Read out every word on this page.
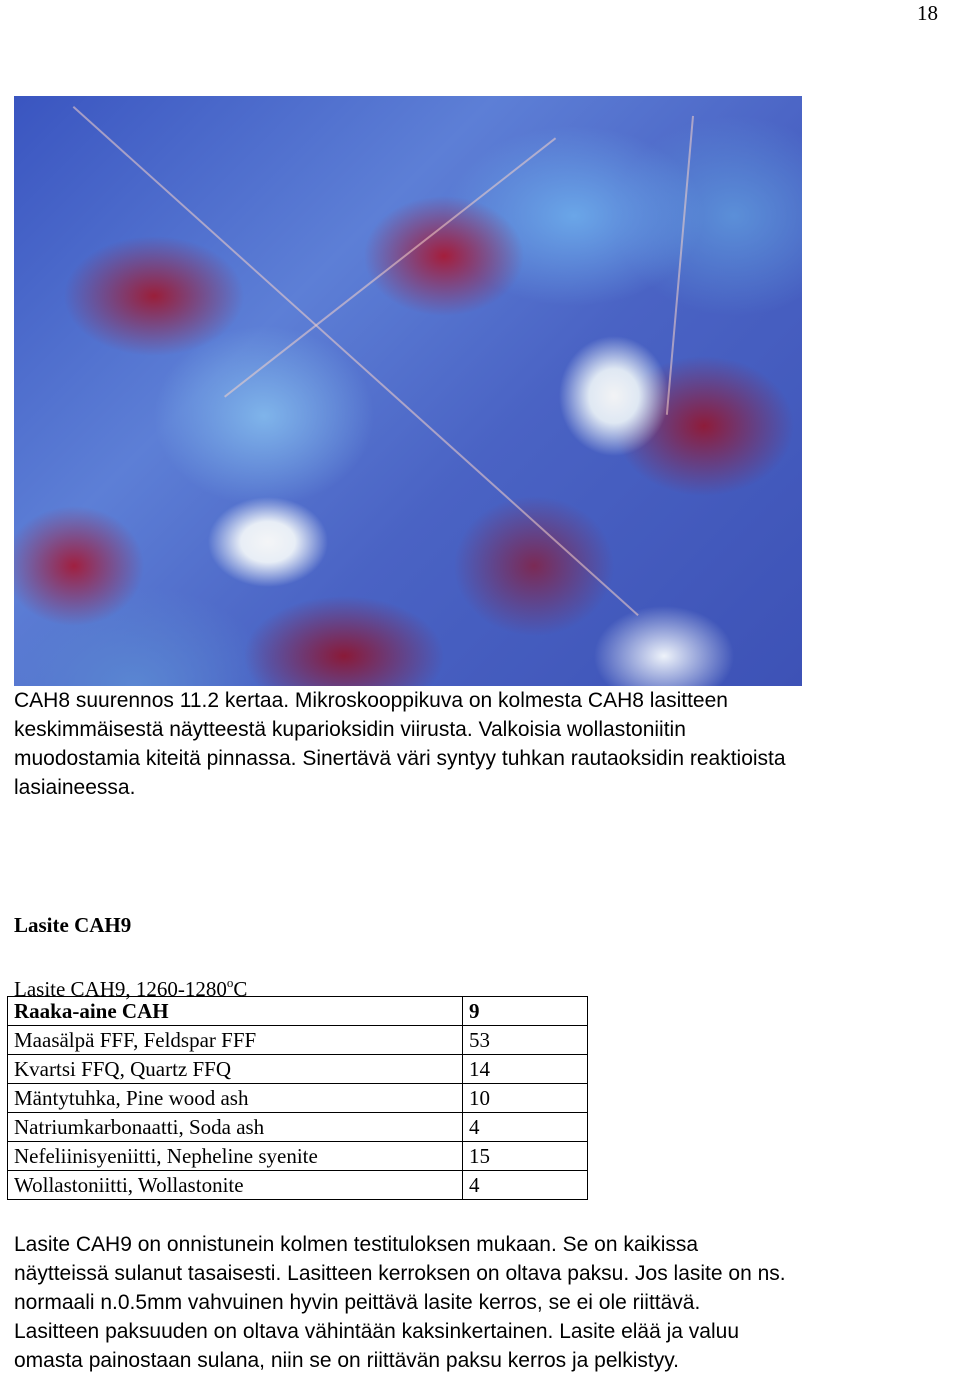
18
CAH8 suurennos 11.2 kertaa. Mikroskooppikuva on kolmesta CAH8 lasitteen
keskimmäisestä näytteestä kuparioksidin viirusta. Valkoisia wollastoniitin
muodostamia kiteitä pinnassa. Sinertävä väri syntyy tuhkan rautaoksidin reaktioista
lasiaineessa.
Lasite CAH9
Lasite CAH9, 1260-1280$^o$C
Raaka-aine CAH	9
Maasälpä FFF, Feldspar FFF	53
Kvartsi FFQ, Quartz FFQ	14
Mäntytuhka, Pine wood ash	10
Natriumkarbonaatti, Soda ash	4
Nefeliinisyeniitti, Nepheline syenite	15
Wollastoniitti, Wollastonite	4
Lasite CAH9 on onnistunein kolmen testituloksen mukaan. Se on kaikissa
näytteissä sulanut tasaisesti. Lasitteen kerroksen on oltava paksu. Jos lasite on ns.
normaali n.0.5mm vahvuinen hyvin peittävä lasite kerros, se ei ole riittävä.
Lasitteen paksuuden on oltava vähintään kaksinkertainen. Lasite elää ja valuu
omasta painostaan sulana, niin se on riittävän paksu kerros ja pelkistyy.
